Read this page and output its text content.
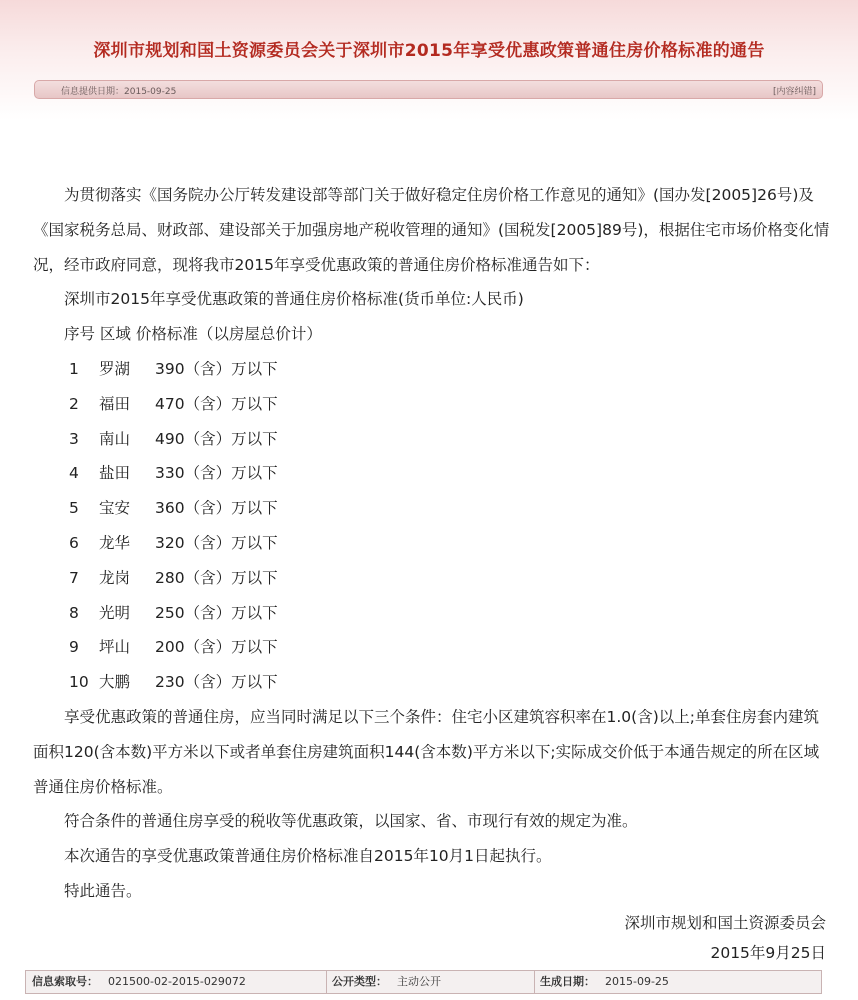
深圳市规划和国土资源委员会关于深圳市2015年享受优惠政策普通住房价格标准的通告
信息提供日期：2015-09-25	[内容纠错]

为贯彻落实《国务院办公厅转发建设部等部门关于做好稳定住房价格工作意见的通知》(国办发[2005]26号)及《国家税务总局、财政部、建设部关于加强房地产税收管理的通知》(国税发[2005]89号)，根据住宅市场价格变化情况，经市政府同意，现将我市2015年享受优惠政策的普通住房价格标准通告如下：

深圳市2015年享受优惠政策的普通住房价格标准(货币单位:人民币)

序号 区域 价格标准（以房屋总价计）

1 罗湖 390（含）万以下

2 福田 470（含）万以下

3 南山 490（含）万以下

4 盐田 330（含）万以下

5 宝安 360（含）万以下

6 龙华 320（含）万以下

7 龙岗 280（含）万以下

8 光明 250（含）万以下

9 坪山 200（含）万以下

10 大鹏 230（含）万以下

享受优惠政策的普通住房，应当同时满足以下三个条件：住宅小区建筑容积率在1.0(含)以上;单套住房套内建筑面积120(含本数)平方米以下或者单套住房建筑面积144(含本数)平方米以下;实际成交价低于本通告规定的所在区域普通住房价格标准。

符合条件的普通住房享受的税收等优惠政策，以国家、省、市现行有效的规定为准。

本次通告的享受优惠政策普通住房价格标准自2015年10月1日起执行。

特此通告。

深圳市规划和国土资源委员会
2015年9月25日
信息索取号： 021500-02-2015-029072	公开类型： 主动公开	生成日期： 2015-09-25
